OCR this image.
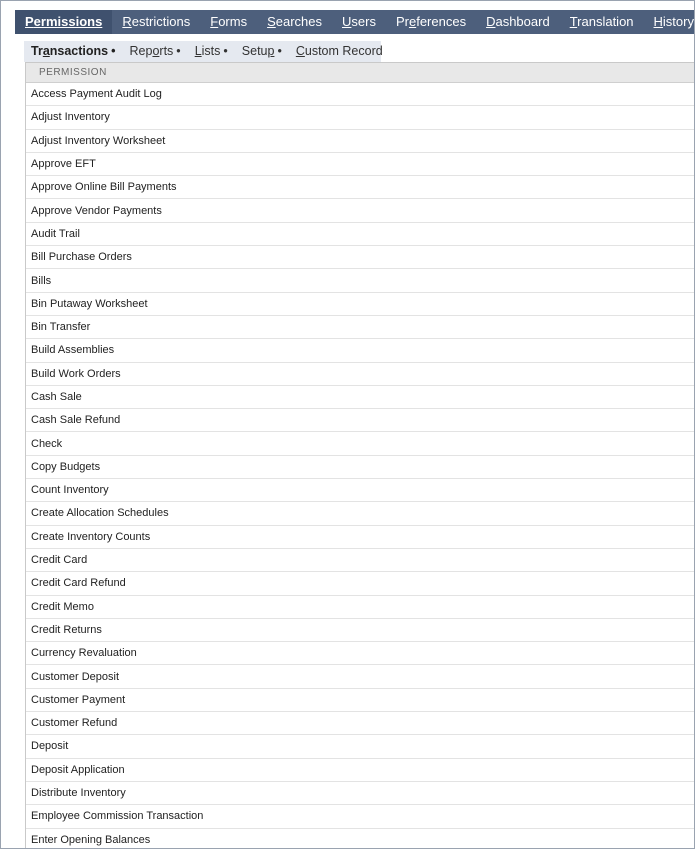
Permissions	Restrictions	Forms	Searches	Users	Preferences	Dashboard	Translation	History
Transactions •	Reports •	Lists •	Setup •	Custom Record
PERMISSION
Access Payment Audit Log
Adjust Inventory
Adjust Inventory Worksheet
Approve EFT
Approve Online Bill Payments
Approve Vendor Payments
Audit Trail
Bill Purchase Orders
Bills
Bin Putaway Worksheet
Bin Transfer
Build Assemblies
Build Work Orders
Cash Sale
Cash Sale Refund
Check
Copy Budgets
Count Inventory
Create Allocation Schedules
Create Inventory Counts
Credit Card
Credit Card Refund
Credit Memo
Credit Returns
Currency Revaluation
Customer Deposit
Customer Payment
Customer Refund
Deposit
Deposit Application
Distribute Inventory
Employee Commission Transaction
Enter Opening Balances
